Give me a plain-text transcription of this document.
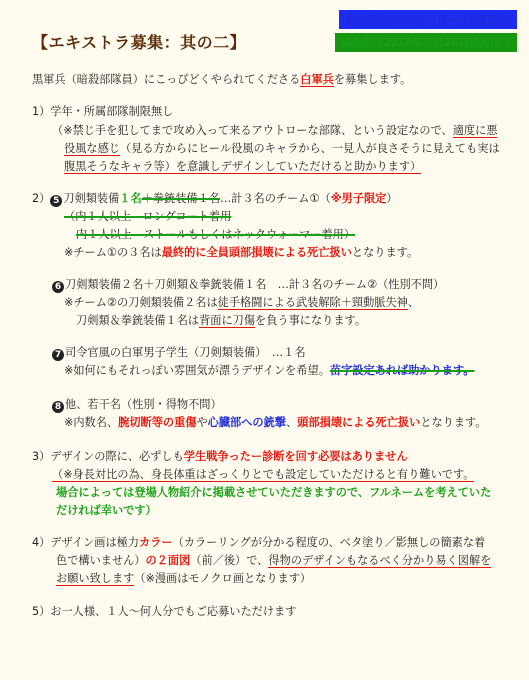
【エキストラ募集：其の二】
青色部分2019年５月４日追記部分
緑色部分2019年５月26日追記部分
黒軍兵（暗殺部隊員）にこっぴどくやられてくださる白軍兵を募集します。
1）学年・所属部隊制限無し
（※禁じ手を犯してまで攻め入って来るアウトローな部隊、という設定なので、適度に悪
役風な感じ（見る方からにヒール役風のキャラから、一見人が良さそうに見えても実は
腹黒そうなキャラ等）を意識しデザインしていただけると助かります）
2） 5 刀剣類装備１名＋拳銃装備１名…計３名のチーム①（※男子限定）
（内１人以上　ロングコート着用
内１人以上　ストールもしくはネックウォーマー着用）
※チーム①の３名は最終的に全員頭部損壊による死亡扱いとなります。
6 刀剣類装備２名＋刀剣類＆拳銃装備１名　…計３名のチーム②（性別不問）
※チーム②の刀剣類装備２名は徒手格闘による武装解除＋頸動脈失神、
刀剣類＆拳銃装備１名は背面に刀傷を負う事になります。
7 司令官風の白軍男子学生（刀剣類装備）　…１名
※如何にもそれっぽい雰囲気が漂うデザインを希望。苗字設定あれば助かります。
8 他、若干名（性別・得物不問）
※内数名、腕切断等の重傷や心臓部への銃撃、頭部損壊による死亡扱いとなります。
3）デザインの際に、必ずしも学生戦争ったー診断を回す必要はありません
（※身長対比の為、身長体重はざっくりとでも設定していただけると有り難いです。
場合によっては登場人物紹介に掲載させていただきますので、フルネームを考えていた
だければ幸いです）
4）デザイン画は極力カラー（カラーリングが分かる程度の、ベタ塗り／影無しの簡素な着
色で構いません）の２面図（前／後）で、得物のデザインもなるべく分かり易く図解を
お願い致します（※漫画はモノクロ画となります）
5）お一人様、１人〜何人分でもご応募いただけます
